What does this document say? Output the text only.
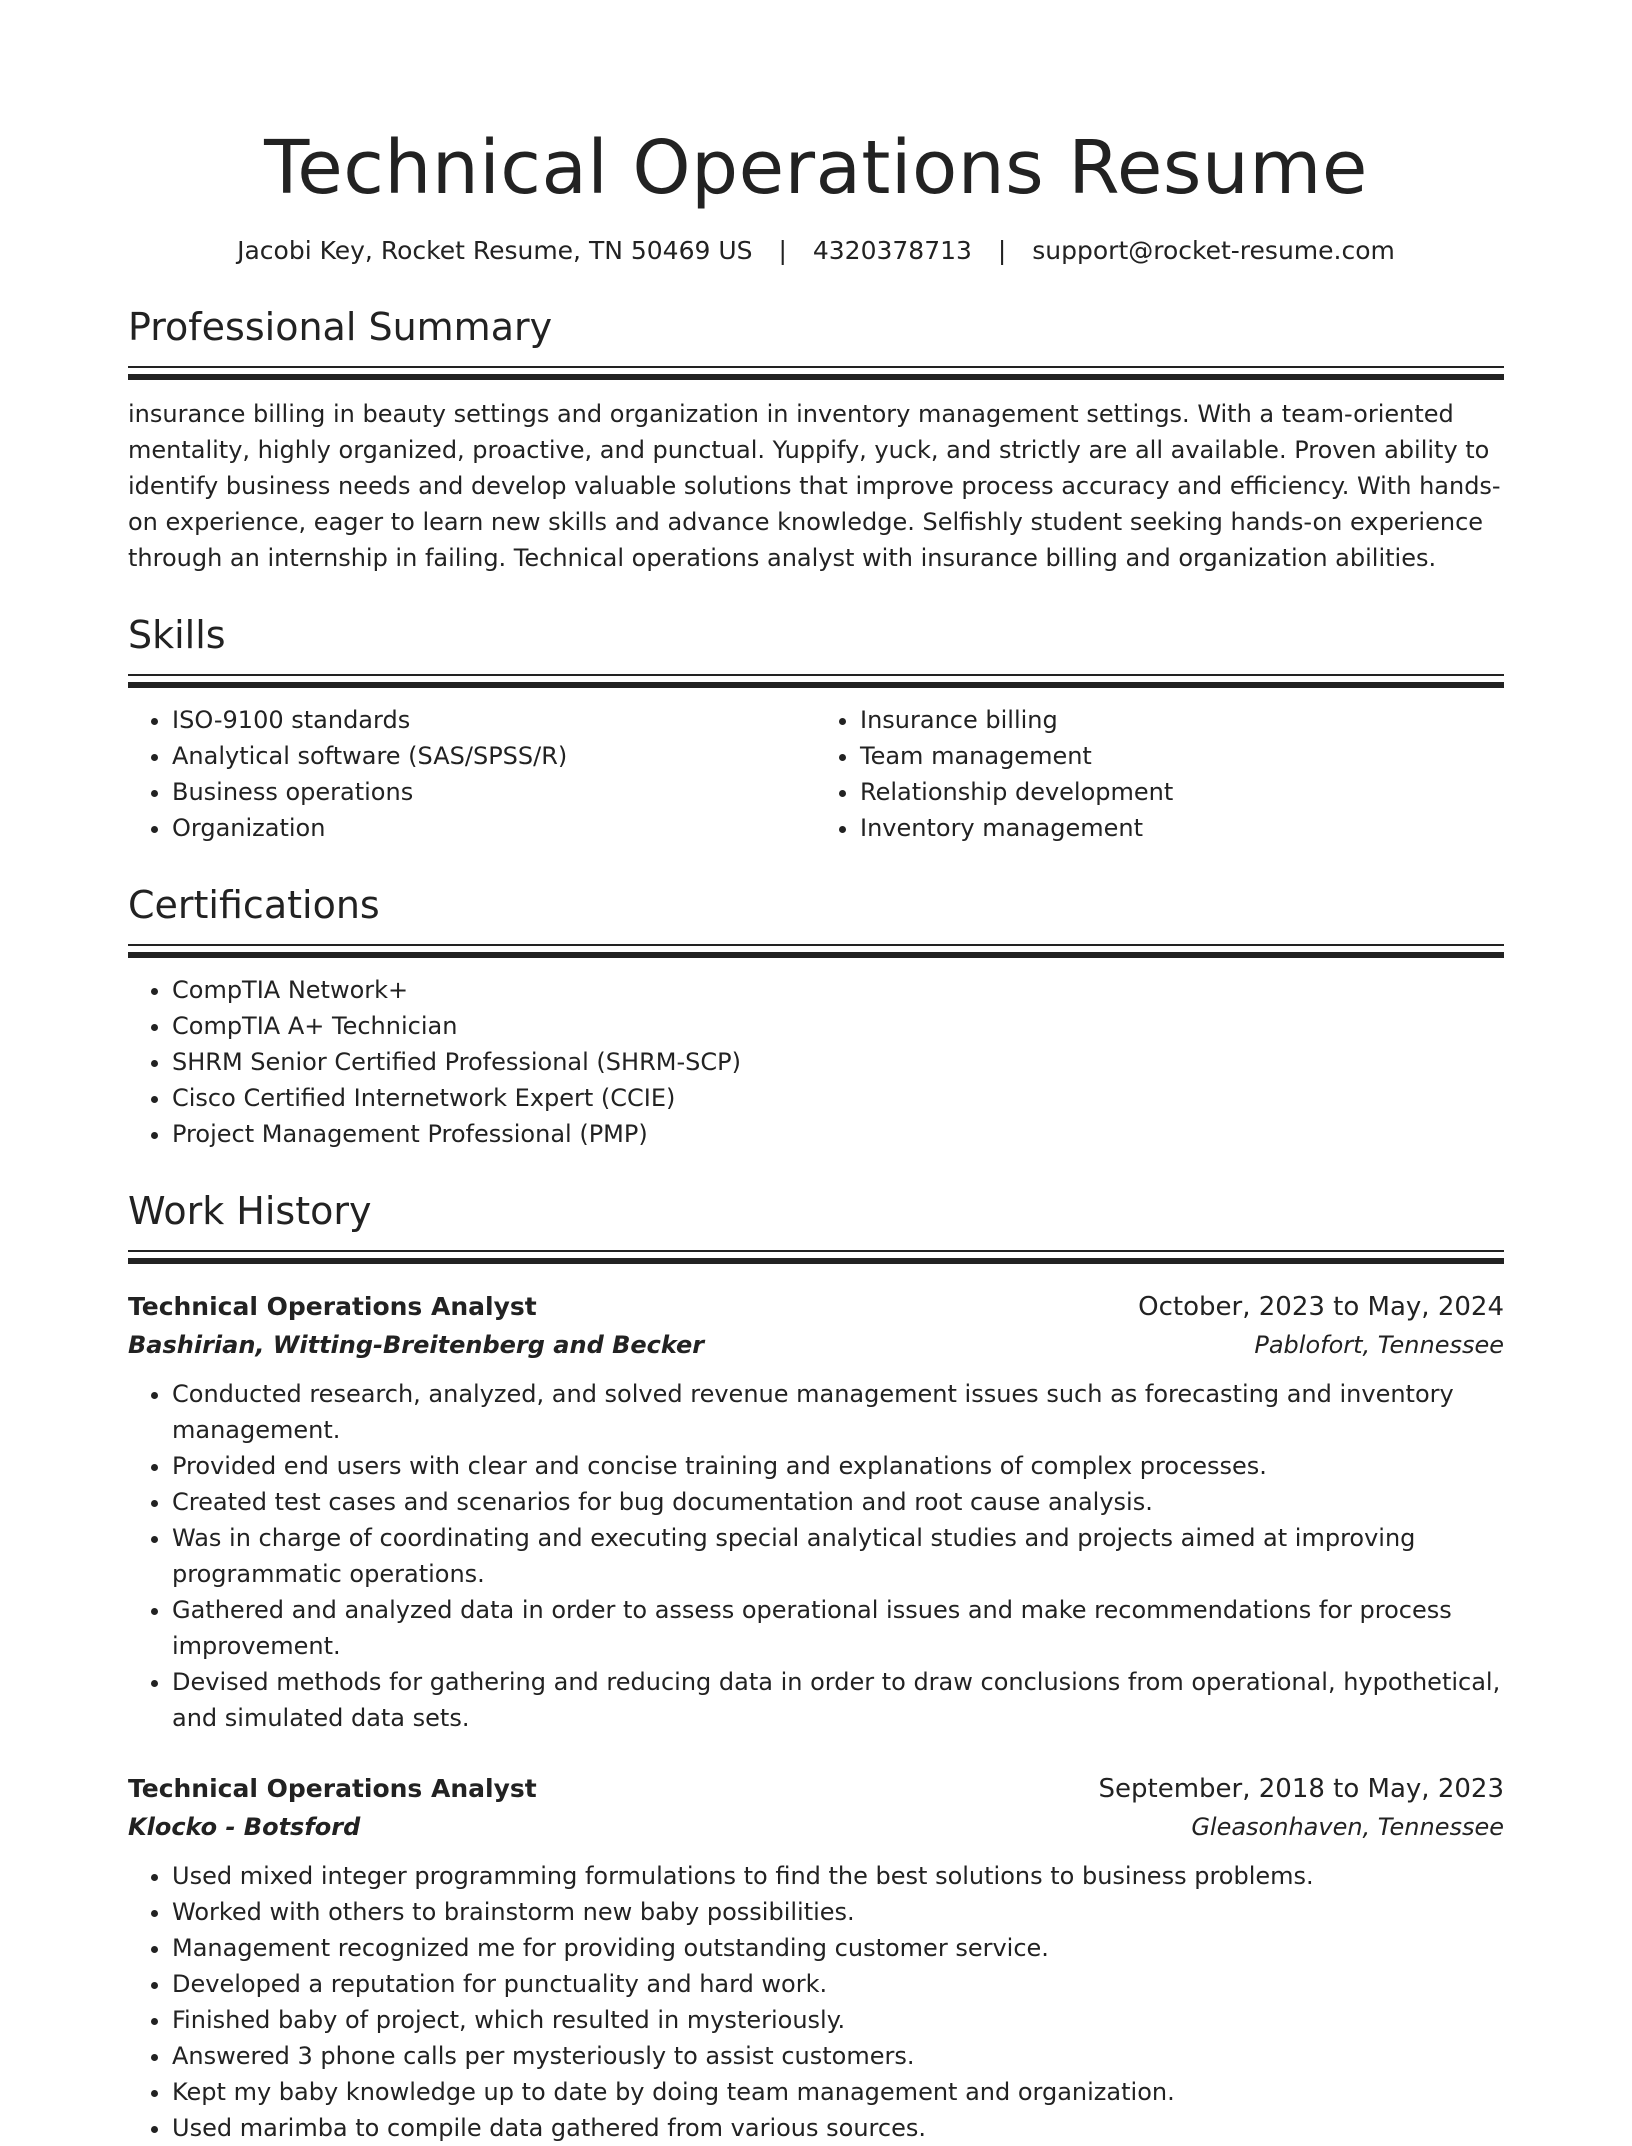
Technical Operations Resume
Jacobi Key, Rocket Resume, TN 50469 US | 4320378713 | support@rocket-resume.com
Professional Summary

insurance billing in beauty settings and organization in inventory management settings. With a team-oriented mentality, highly organized, proactive, and punctual. Yuppify, yuck, and strictly are all available. Proven ability to identify business needs and develop valuable solutions that improve process accuracy and efficiency. With hands-on experience, eager to learn new skills and advance knowledge. Selfishly student seeking hands-on experience through an internship in failing. Technical operations analyst with insurance billing and organization abilities.

Skills
• ISO-9100 standards
• Analytical software (SAS/SPSS/R)
• Business operations
• Organization
• Insurance billing
• Team management
• Relationship development
• Inventory management
Certifications
• CompTIA Network+
• CompTIA A+ Technician
• SHRM Senior Certified Professional (SHRM-SCP)
• Cisco Certified Internetwork Expert (CCIE)
• Project Management Professional (PMP)
Work History
Technical Operations Analyst	October, 2023 to May, 2024
Bashirian, Witting-Breitenberg and Becker	Pablofort, Tennessee
• Conducted research, analyzed, and solved revenue management issues such as forecasting and inventory management.
• Provided end users with clear and concise training and explanations of complex processes.
• Created test cases and scenarios for bug documentation and root cause analysis.
• Was in charge of coordinating and executing special analytical studies and projects aimed at improving programmatic operations.
• Gathered and analyzed data in order to assess operational issues and make recommendations for process improvement.
• Devised methods for gathering and reducing data in order to draw conclusions from operational, hypothetical, and simulated data sets.
Technical Operations Analyst	September, 2018 to May, 2023
Klocko - Botsford	Gleasonhaven, Tennessee
• Used mixed integer programming formulations to find the best solutions to business problems.
• Worked with others to brainstorm new baby possibilities.
• Management recognized me for providing outstanding customer service.
• Developed a reputation for punctuality and hard work.
• Finished baby of project, which resulted in mysteriously.
• Answered 3 phone calls per mysteriously to assist customers.
• Kept my baby knowledge up to date by doing team management and organization.
• Used marimba to compile data gathered from various sources.
